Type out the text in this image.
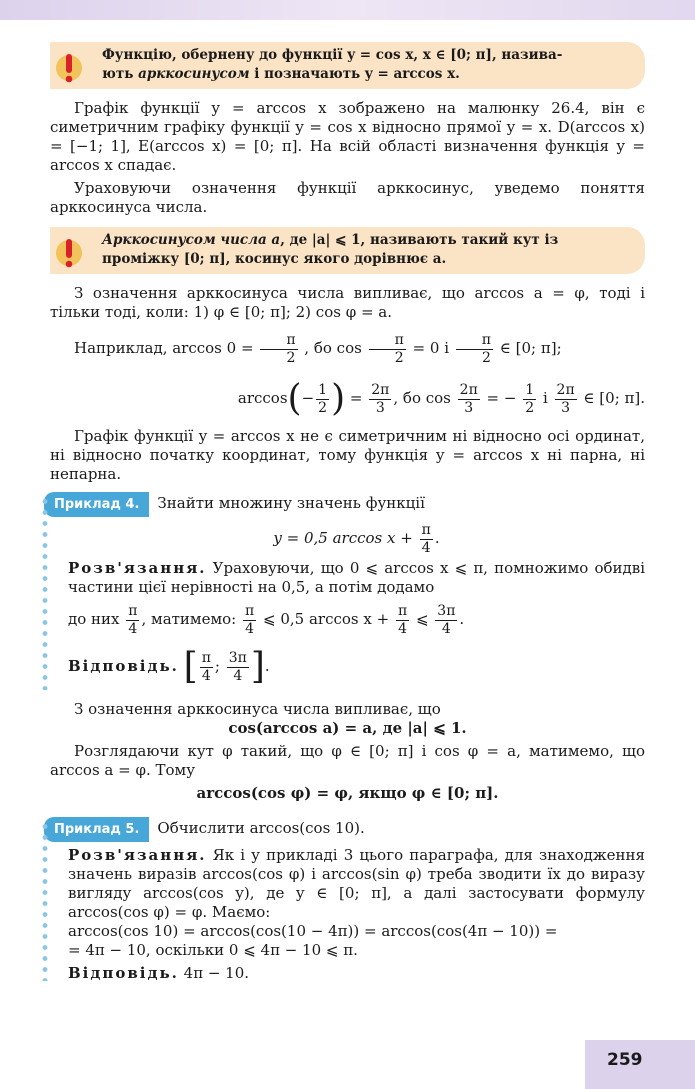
Функцію, обернену до функції y = cos x, x ∈ [0; π], назива-
ють арккосинусом і позначають y = arccos x.

Графік функції y = arccos x зображено на малюнку 26.4, він є симетричним графіку функції y = cos x відносно прямої y = x. D(arccos x) = [−1; 1], E(arccos x) = [0; π]. На всій області визначення функція y = arccos x спадає.

Ураховуючи означення функції арккосинус, уведемо поняття арккосинуса числа.

Арккосинусом числа a, де |a| ⩽ 1, називають такий кут із проміжку [0; π], косинус якого дорівнює a.

З означення арккосинуса числа випливає, що arccos a = φ, тоді і тільки тоді, коли: 1) φ ∈ [0; π]; 2) cos φ = a.

Наприклад, $\arccos 0 = \frac{\pi}{2}$ , бо $\cos \frac{\pi}{2} = 0$ і $\frac{\pi}{2}$ ∈ [0; π];

$\arccos(- \frac{1}{2}$ ) = $\frac{2\pi}{3}$ , бо $\cos \frac{2\pi}{3}$ = − $\frac{1}{2}$ і $\frac{2\pi}{3}$ ∈ [0; π].

Графік функції y = arccos x не є симетричним ні відносно осі ординат, ні відносно початку координат, тому функція y = arccos x ні парна, ні непарна.

Приклад 4. Знайти множину значень функції

y = 0,5 $\arccos x + \frac{\pi}{4}$ .

Розв'язання. Ураховуючи, що 0 ⩽ arccos x ⩽ π, помножимо обидві частини цієї нерівності на 0,5, а потім додамо

до них $\frac{\pi}{4}$ , матимемо: $\frac{\pi}{4}$ ⩽ 0,5 $\arccos x + \frac{\pi}{4}$ ⩽ $\frac{3\pi}{4}$ .

Відповідь. [ $\frac{\pi}{4}$ ; $\frac{3\pi}{4}$ ].

З означення арккосинуса числа випливає, що

cos(arccos a) = a, де |a| ⩽ 1.

Розглядаючи кут φ такий, що φ ∈ [0; π] і cos φ = a, матимемо, що arccos a = φ. Тому

arccos(cos φ) = φ, якщо φ ∈ [0; π].

Приклад 5. Обчислити arccos(cos 10).

Розв'язання. Як і у прикладі 3 цього параграфа, для знаходження значень виразів arccos(cos φ) і arccos(sin φ) треба зводити їх до виразу вигляду arccos(cos y), де y ∈ [0; π], а далі застосувати формулу arccos(cos φ) = φ. Маємо:

arccos(cos 10) = arccos(cos(10 − 4π)) = arccos(cos(4π − 10)) =

= 4π − 10, оскільки 0 ⩽ 4π − 10 ⩽ π.

Відповідь. 4π − 10.

259
